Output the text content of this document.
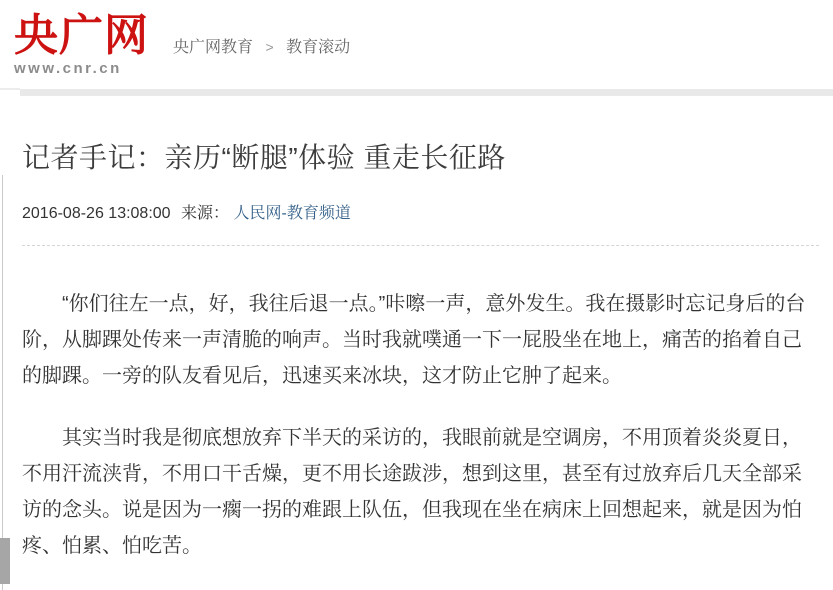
央广网
www.cnr.cn
央广网教育 > 教育滚动
记者手记：亲历“断腿”体验 重走长征路
2016-08-26 13:08:00 来源： 人民网-教育频道

“你们往左一点，好，我往后退一点。”咔嚓一声，意外发生。我在摄影时忘记身后的台阶，从脚踝处传来一声清脆的响声。当时我就噗通一下一屁股坐在地上，痛苦的掐着自己的脚踝。一旁的队友看见后，迅速买来冰块，这才防止它肿了起来。

其实当时我是彻底想放弃下半天的采访的，我眼前就是空调房，不用顶着炎炎夏日，不用汗流浃背，不用口干舌燥，更不用长途跋涉，想到这里，甚至有过放弃后几天全部采访的念头。说是因为一瘸一拐的难跟上队伍，但我现在坐在病床上回想起来，就是因为怕疼、怕累、怕吃苦。
